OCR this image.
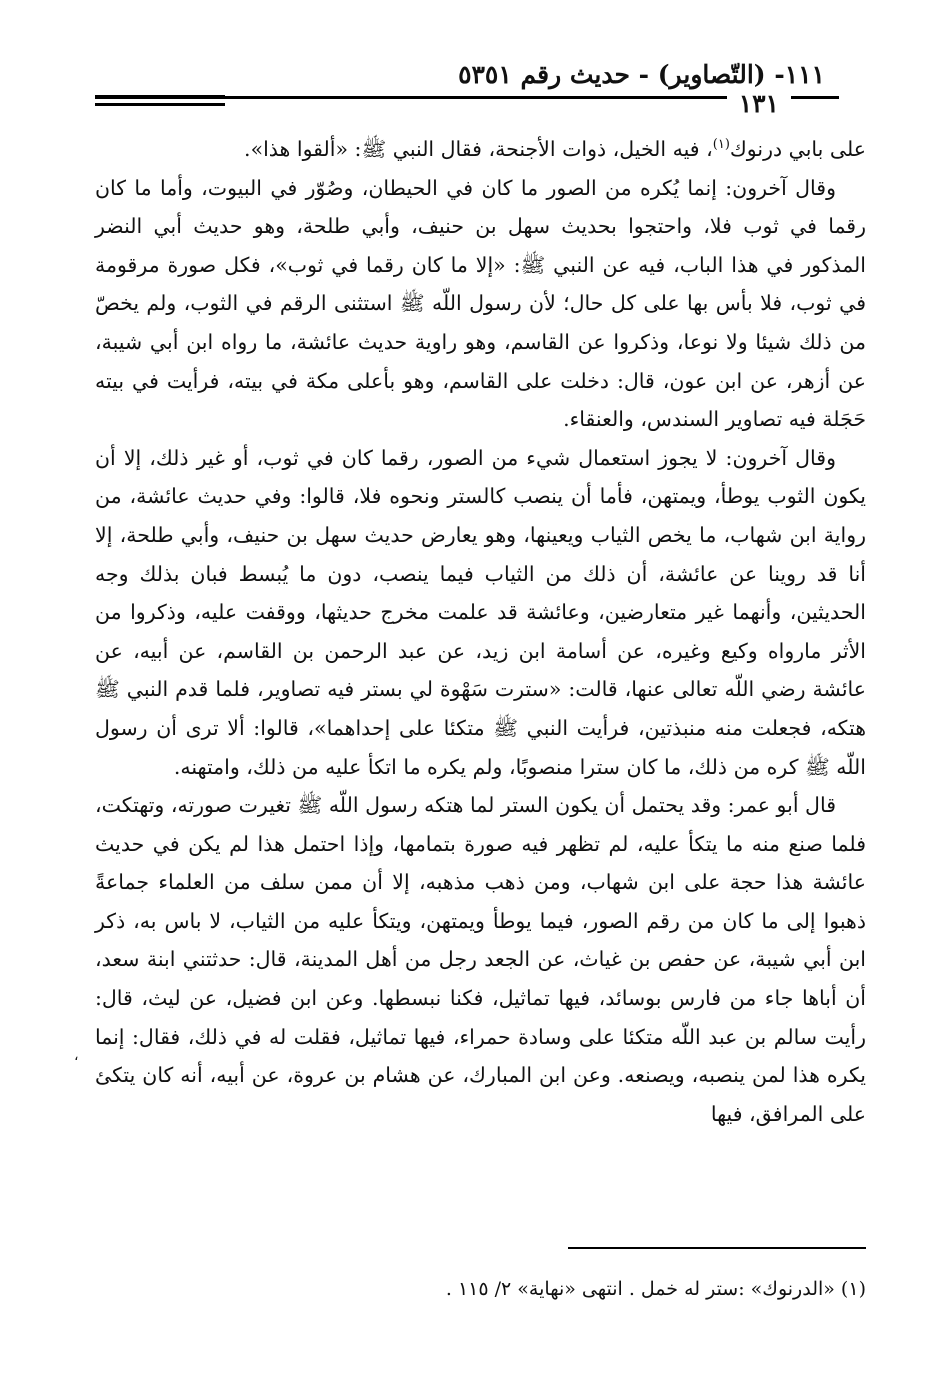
١١١- (التّصاوير) - حديث رقم ٥٣٥١
١٣١

على بابي درنوك$^{(١)}$، فيه الخيل، ذوات الأجنحة، فقال النبي ﷺ: «ألقوا هذا».

وقال آخرون: إنما يُكره من الصور ما كان في الحيطان، وصُوّر في البيوت، وأما ما كان رقما في ثوب فلا، واحتجوا بحديث سهل بن حنيف، وأبي طلحة، وهو حديث أبي النضر المذكور في هذا الباب، فيه عن النبي ﷺ: «إلا ما كان رقما في ثوب»، فكل صورة مرقومة في ثوب، فلا بأس بها على كل حال؛ لأن رسول اللّه ﷺ استثنى الرقم في الثوب، ولم يخصّ من ذلك شيئا ولا نوعا، وذكروا عن القاسم، وهو راوية حديث عائشة، ما رواه ابن أبي شيبة، عن أزهر، عن ابن عون، قال: دخلت على القاسم، وهو بأعلى مكة في بيته، فرأيت في بيته حَجَلة فيه تصاوير السندس، والعنقاء.

وقال آخرون: لا يجوز استعمال شيء من الصور، رقما كان في ثوب، أو غير ذلك، إلا أن يكون الثوب يوطأ، ويمتهن، فأما أن ينصب كالستر ونحوه فلا، قالوا: وفي حديث عائشة، من رواية ابن شهاب، ما يخص الثياب ويعينها، وهو يعارض حديث سهل بن حنيف، وأبي طلحة، إلا أنا قد روينا عن عائشة، أن ذلك من الثياب فيما ينصب، دون ما يُبسط فبان بذلك وجه الحديثين، وأنهما غير متعارضين، وعائشة قد علمت مخرج حديثها، ووقفت عليه، وذكروا من الأثر مارواه وكيع وغيره، عن أسامة ابن زيد، عن عبد الرحمن بن القاسم، عن أبيه، عن عائشة رضي اللّه تعالى عنها، قالت: «سترت سَهْوة لي بستر فيه تصاوير، فلما قدم النبي ﷺ هتكه، فجعلت منه منبذتين، فرأيت النبي ﷺ متكئا على إحداهما»، قالوا: ألا ترى أن رسول اللّه ﷺ كره من ذلك، ما كان سترا منصوبًا، ولم يكره ما اتكأ عليه من ذلك، وامتهنه.

قال أبو عمر: وقد يحتمل أن يكون الستر لما هتكه رسول اللّه ﷺ تغيرت صورته، وتهتكت، فلما صنع منه ما يتكأ عليه، لم تظهر فيه صورة بتمامها، وإذا احتمل هذا لم يكن في حديث عائشة هذا حجة على ابن شهاب، ومن ذهب مذهبه، إلا أن ممن سلف من العلماء جماعةً ذهبوا إلى ما كان من رقم الصور، فيما يوطأ ويمتهن، ويتكأ عليه من الثياب، لا باس به، ذكر ابن أبي شيبة، عن حفص بن غياث، عن الجعد رجل من أهل المدينة، قال: حدثتني ابنة سعد، أن أباها جاء من فارس بوسائد، فيها تماثيل، فكنا نبسطها. وعن ابن فضيل، عن ليث، قال: رأيت سالم بن عبد اللّه متكئا على وسادة حمراء، فيها تماثيل، فقلت له في ذلك، فقال: إنما يكره هذا لمن ينصبه، ويصنعه. وعن ابن المبارك، عن هشام بن عروة، عن أبيه، أنه كان يتكئ على المرافق، فيها

،
(١) «الدرنوك» :ستر له خمل . انتهى «نهاية» ٢/ ١١٥ .
